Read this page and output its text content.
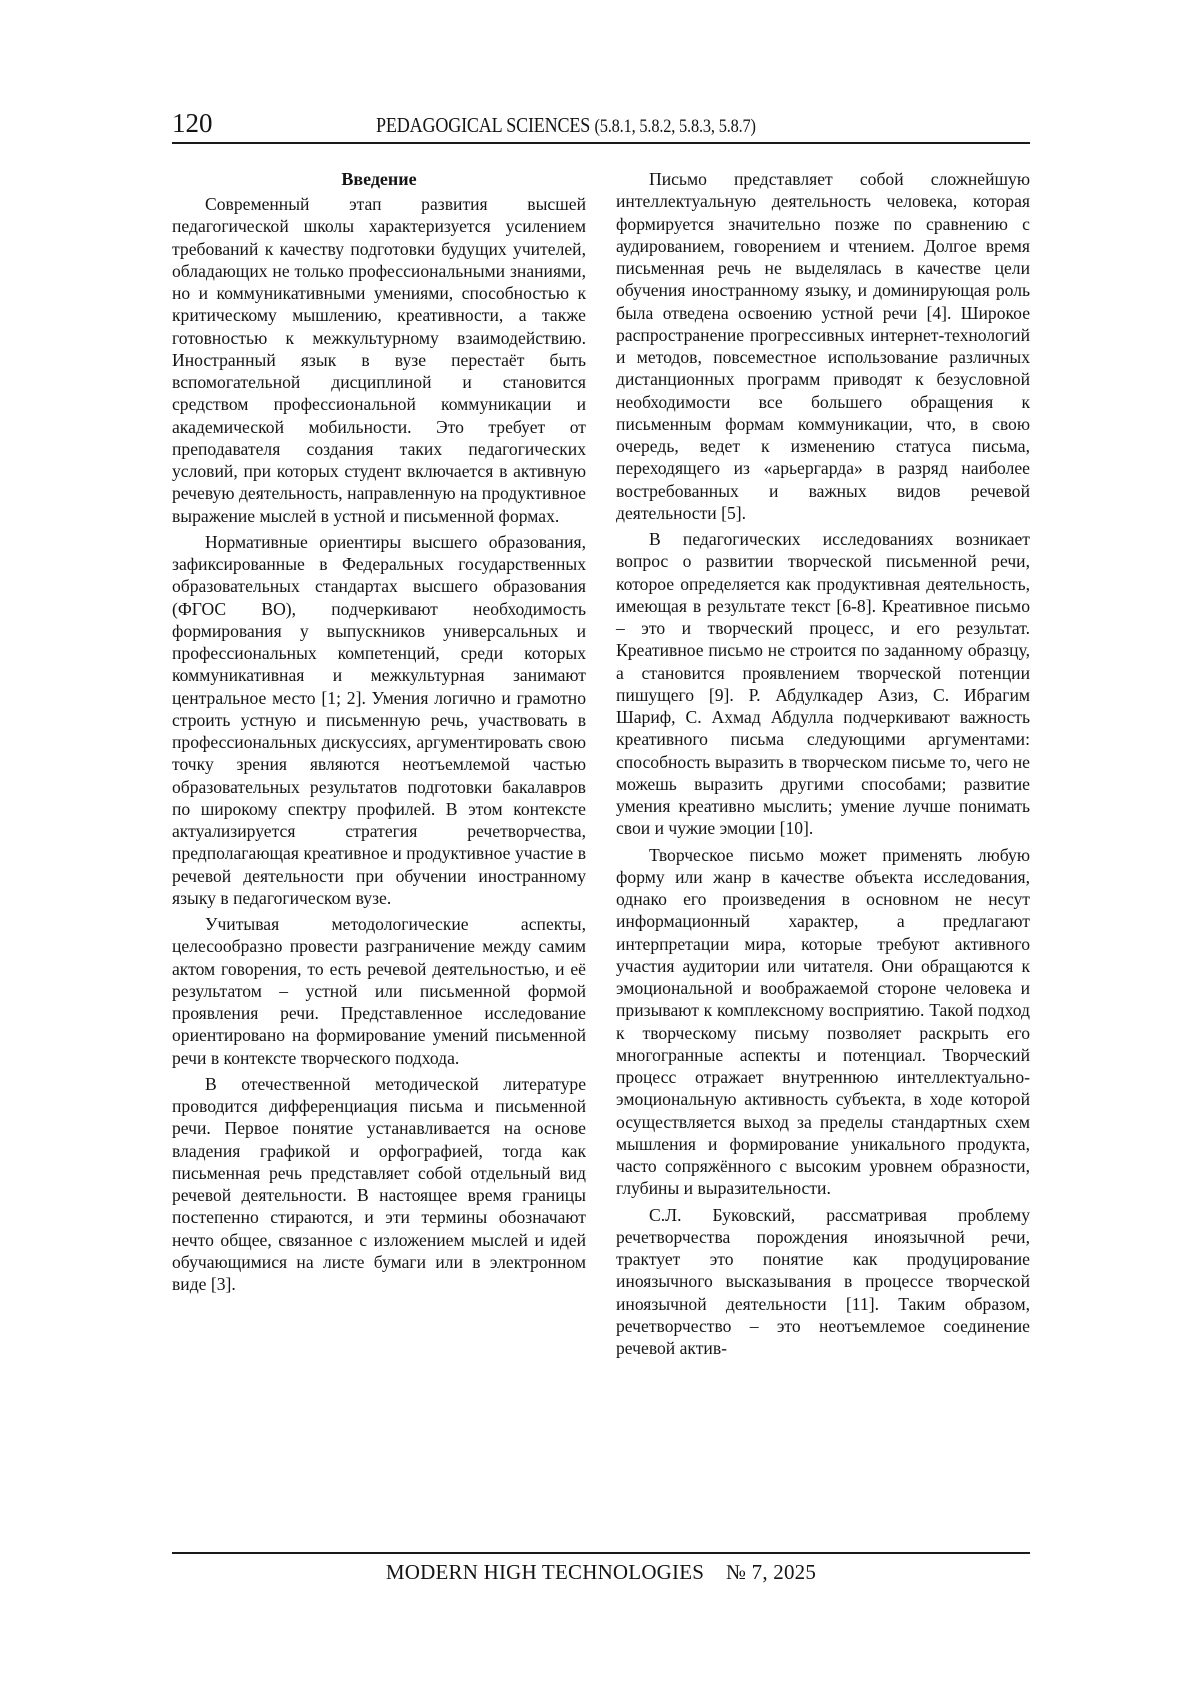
120	PEDAGOGICAL SCIENCES (5.8.1, 5.8.2, 5.8.3, 5.8.7)
Введение

Современный этап развития высшей педагогической школы характеризуется усилением требований к качеству подготовки будущих учителей, обладающих не только профессиональными знаниями, но и коммуникативными умениями, способностью к критическому мышлению, креативности, а также готовностью к межкультурному взаимодействию. Иностранный язык в вузе перестаёт быть вспомогательной дисциплиной и становится средством профессиональной коммуникации и академической мобильности. Это требует от преподавателя создания таких педагогических условий, при которых студент включается в активную речевую деятельность, направленную на продуктивное выражение мыслей в устной и письменной формах.

Нормативные ориентиры высшего образования, зафиксированные в Федеральных государственных образовательных стандартах высшего образования (ФГОС ВО), подчеркивают необходимость формирования у выпускников универсальных и профессиональных компетенций, среди которых коммуникативная и межкультурная занимают центральное место [1; 2]. Умения логично и грамотно строить устную и письменную речь, участвовать в профессиональных дискуссиях, аргументировать свою точку зрения являются неотъемлемой частью образовательных результатов подготовки бакалавров по широкому спектру профилей. В этом контексте актуализируется стратегия речетворчества, предполагающая креативное и продуктивное участие в речевой деятельности при обучении иностранному языку в педагогическом вузе.

Учитывая методологические аспекты, целесообразно провести разграничение между самим актом говорения, то есть речевой деятельностью, и её результатом – устной или письменной формой проявления речи. Представленное исследование ориентировано на формирование умений письменной речи в контексте творческого подхода.

В отечественной методической литературе проводится дифференциация письма и письменной речи. Первое понятие устанавливается на основе владения графикой и орфографией, тогда как письменная речь представляет собой отдельный вид речевой деятельности. В настоящее время границы постепенно стираются, и эти термины обозначают нечто общее, связанное с изложением мыслей и идей обучающимися на листе бумаги или в электронном виде [3].

Письмо представляет собой сложнейшую интеллектуальную деятельность человека, которая формируется значительно позже по сравнению с аудированием, говорением и чтением. Долгое время письменная речь не выделялась в качестве цели обучения иностранному языку, и доминирующая роль была отведена освоению устной речи [4]. Широкое распространение прогрессивных интернет-технологий и методов, повсеместное использование различных дистанционных программ приводят к безусловной необходимости все большего обращения к письменным формам коммуникации, что, в свою очередь, ведет к изменению статуса письма, переходящего из «арьергарда» в разряд наиболее востребованных и важных видов речевой деятельности [5].

В педагогических исследованиях возникает вопрос о развитии творческой письменной речи, которое определяется как продуктивная деятельность, имеющая в результате текст [6-8]. Креативное письмо – это и творческий процесс, и его результат. Креативное письмо не строится по заданному образцу, а становится проявлением творческой потенции пишущего [9]. Р. Абдулкадер Азиз, С. Ибрагим Шариф, С. Ахмад Абдулла подчеркивают важность креативного письма следующими аргументами: способность выразить в творческом письме то, чего не можешь выразить другими способами; развитие умения креативно мыслить; умение лучше понимать свои и чужие эмоции [10].

Творческое письмо может применять любую форму или жанр в качестве объекта исследования, однако его произведения в основном не несут информационный характер, а предлагают интерпретации мира, которые требуют активного участия аудитории или читателя. Они обращаются к эмоциональной и воображаемой стороне человека и призывают к комплексному восприятию. Такой подход к творческому письму позволяет раскрыть его многогранные аспекты и потенциал. Творческий процесс отражает внутреннюю интеллектуально-эмоциональную активность субъекта, в ходе которой осуществляется выход за пределы стандартных схем мышления и формирование уникального продукта, часто сопряжённого с высоким уровнем образности, глубины и выразительности.

С.Л. Буковский, рассматривая проблему речетворчества порождения иноязычной речи, трактует это понятие как продуцирование иноязычного высказывания в процессе творческой иноязычной деятельности [11]. Таким образом, речетворчество – это неотъемлемое соединение речевой актив-

MODERN HIGH TECHNOLOGIES № 7, 2025
